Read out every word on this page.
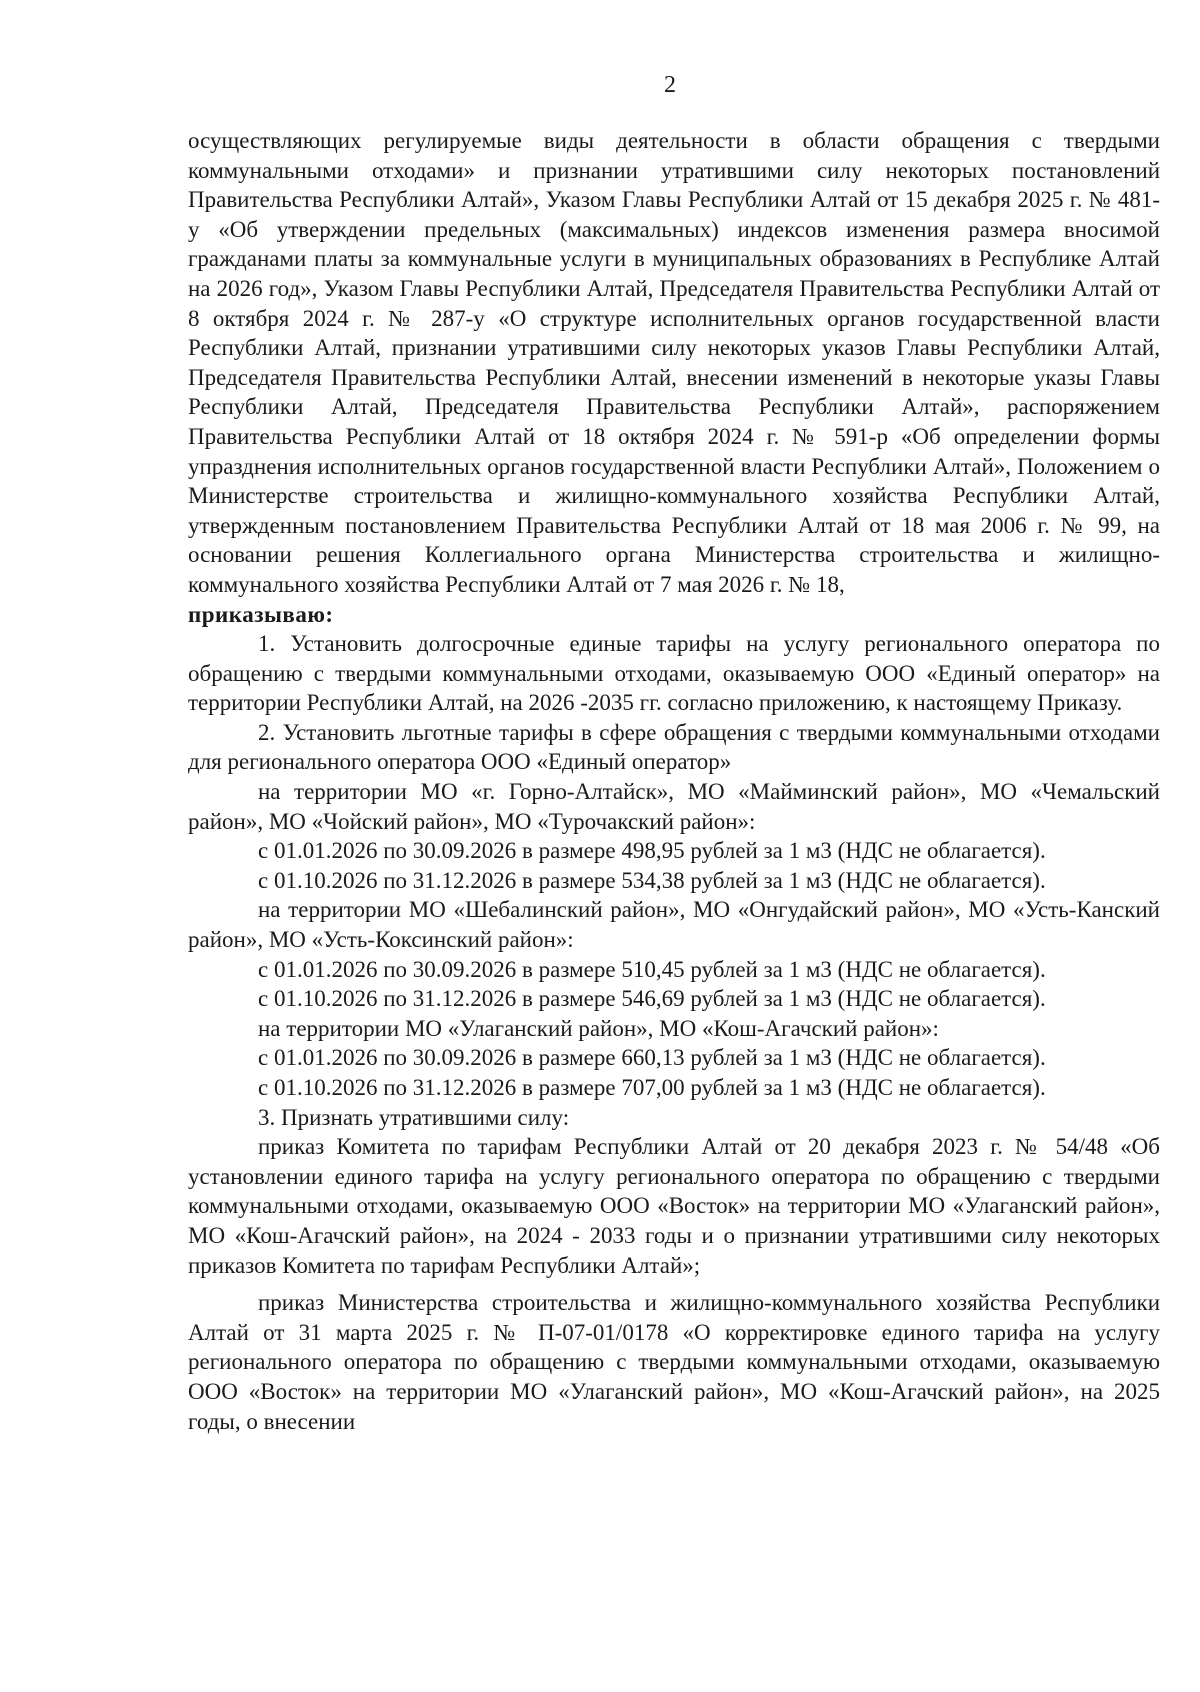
2

осуществляющих регулируемые виды деятельности в области обращения с твердыми коммунальными отходами» и признании утратившими силу некоторых постановлений Правительства Республики Алтай», Указом Главы Республики Алтай от 15 декабря 2025 г. № 481-у «Об утверждении предельных (максимальных) индексов изменения размера вносимой гражданами платы за коммунальные услуги в муниципальных образованиях в Республике Алтай на 2026 год», Указом Главы Республики Алтай, Председателя Правительства Республики Алтай от 8 октября 2024 г. № 287-у «О структуре исполнительных органов государственной власти Республики Алтай, признании утратившими силу некоторых указов Главы Республики Алтай, Председателя Правительства Республики Алтай, внесении изменений в некоторые указы Главы Республики Алтай, Председателя Правительства Республики Алтай», распоряжением Правительства Республики Алтай от 18 октября 2024 г. № 591-р «Об определении формы упразднения исполнительных органов государственной власти Республики Алтай», Положением о Министерстве строительства и жилищно-коммунального хозяйства Республики Алтай, утвержденным постановлением Правительства Республики Алтай от 18 мая 2006 г. № 99, на основании решения Коллегиального органа Министерства строительства и жилищно-коммунального хозяйства Республики Алтай от 7 мая 2026 г. № 18,

приказываю:

1. Установить долгосрочные единые тарифы на услугу регионального оператора по обращению с твердыми коммунальными отходами, оказываемую ООО «Единый оператор» на территории Республики Алтай, на 2026 -2035 гг. согласно приложению, к настоящему Приказу.

2. Установить льготные тарифы в сфере обращения с твердыми коммунальными отходами для регионального оператора ООО «Единый оператор»

на территории МО «г. Горно-Алтайск», МО «Майминский район», МО «Чемальский район», МО «Чойский район», МО «Турочакский район»:

с 01.01.2026 по 30.09.2026 в размере 498,95 рублей за 1 м3 (НДС не облагается).

с 01.10.2026 по 31.12.2026 в размере 534,38 рублей за 1 м3 (НДС не облагается).

на территории МО «Шебалинский район», МО «Онгудайский район», МО «Усть-Канский район», МО «Усть-Коксинский район»:

с 01.01.2026 по 30.09.2026 в размере 510,45 рублей за 1 м3 (НДС не облагается).

с 01.10.2026 по 31.12.2026 в размере 546,69 рублей за 1 м3 (НДС не облагается).

на территории МО «Улаганский район», МО «Кош-Агачский район»:

с 01.01.2026 по 30.09.2026 в размере 660,13 рублей за 1 м3 (НДС не облагается).

с 01.10.2026 по 31.12.2026 в размере 707,00 рублей за 1 м3 (НДС не облагается).

3. Признать утратившими силу:

приказ Комитета по тарифам Республики Алтай от 20 декабря 2023 г. № 54/48 «Об установлении единого тарифа на услугу регионального оператора по обращению с твердыми коммунальными отходами, оказываемую ООО «Восток» на территории МО «Улаганский район», МО «Кош-Агачский район», на 2024 - 2033 годы и о признании утратившими силу некоторых приказов Комитета по тарифам Республики Алтай»;

приказ Министерства строительства и жилищно-коммунального хозяйства Республики Алтай от 31 марта 2025 г. № П-07-01/0178 «О корректировке единого тарифа на услугу регионального оператора по обращению с твердыми коммунальными отходами, оказываемую ООО «Восток» на территории МО «Улаганский район», МО «Кош-Агачский район», на 2025 годы, о внесении
